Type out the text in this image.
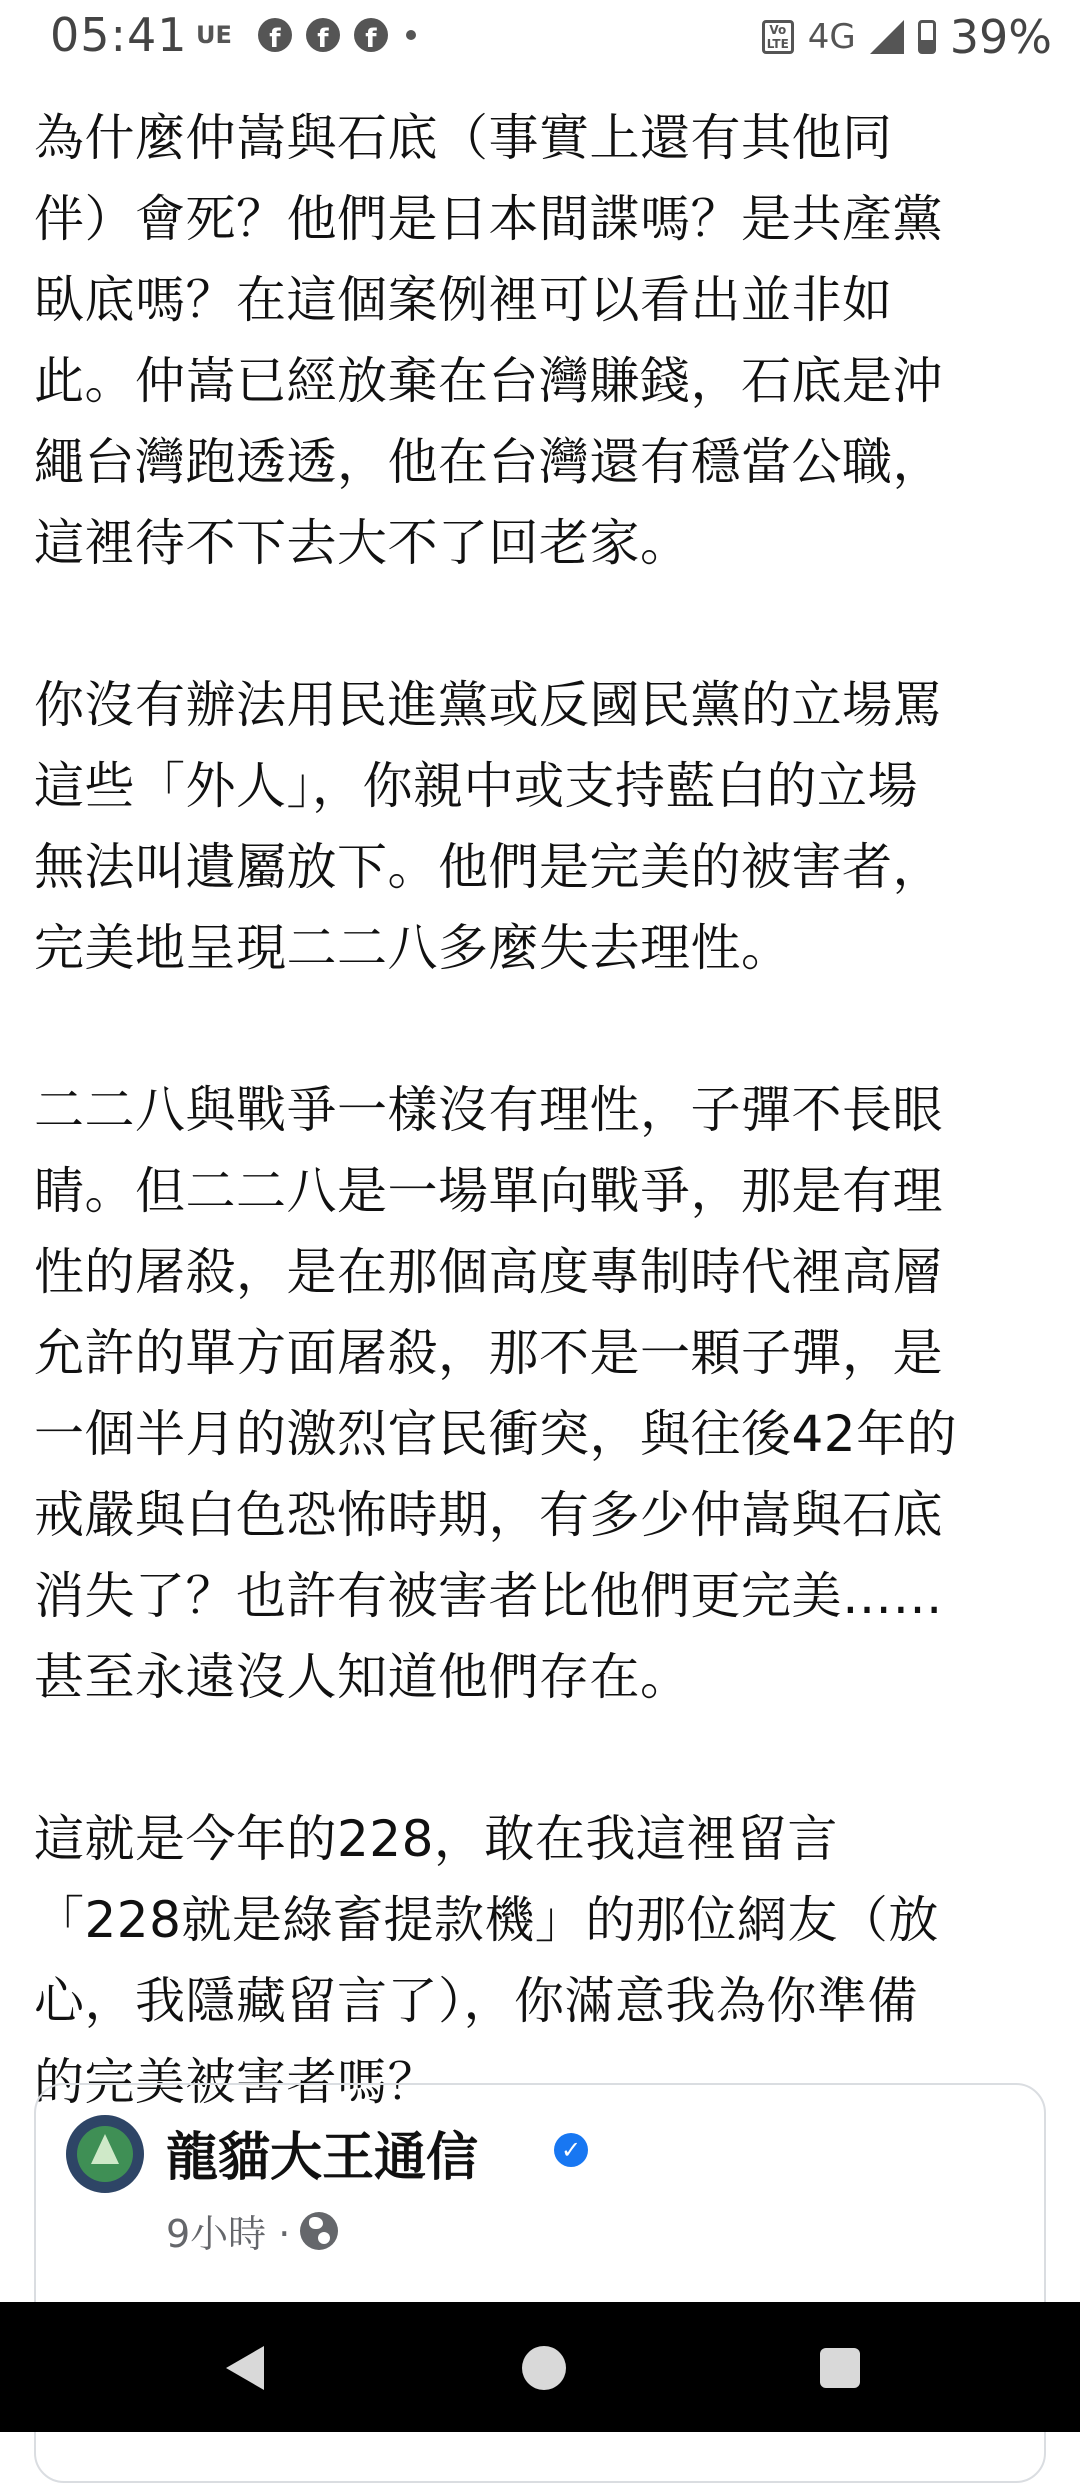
05:41 UE	f	f	f	Vo
LTE 4G 39%

為什麼仲嵩與石底（事實上還有其他同
伴）會死？他們是日本間諜嗎？是共產黨
臥底嗎？在這個案例裡可以看出並非如
此。仲嵩已經放棄在台灣賺錢，石底是沖
繩台灣跑透透，他在台灣還有穩當公職，
這裡待不下去大不了回老家。

你沒有辦法用民進黨或反國民黨的立場罵
這些「外人」，你親中或支持藍白的立場
無法叫遺屬放下。他們是完美的被害者，
完美地呈現二二八多麼失去理性。

二二八與戰爭一樣沒有理性，子彈不長眼
睛。但二二八是一場單向戰爭，那是有理
性的屠殺，是在那個高度專制時代裡高層
允許的單方面屠殺，那不是一顆子彈，是
一個半月的激烈官民衝突，與往後42年的
戒嚴與白色恐怖時期，有多少仲嵩與石底
消失了？也許有被害者比他們更完美……
甚至永遠沒人知道他們存在。

這就是今年的228，敢在我這裡留言
「228就是綠畜提款機」的那位網友（放
心，我隱藏留言了），你滿意我為你準備
的完美被害者嗎？

龍貓大王通信	✓
9小時 ·
